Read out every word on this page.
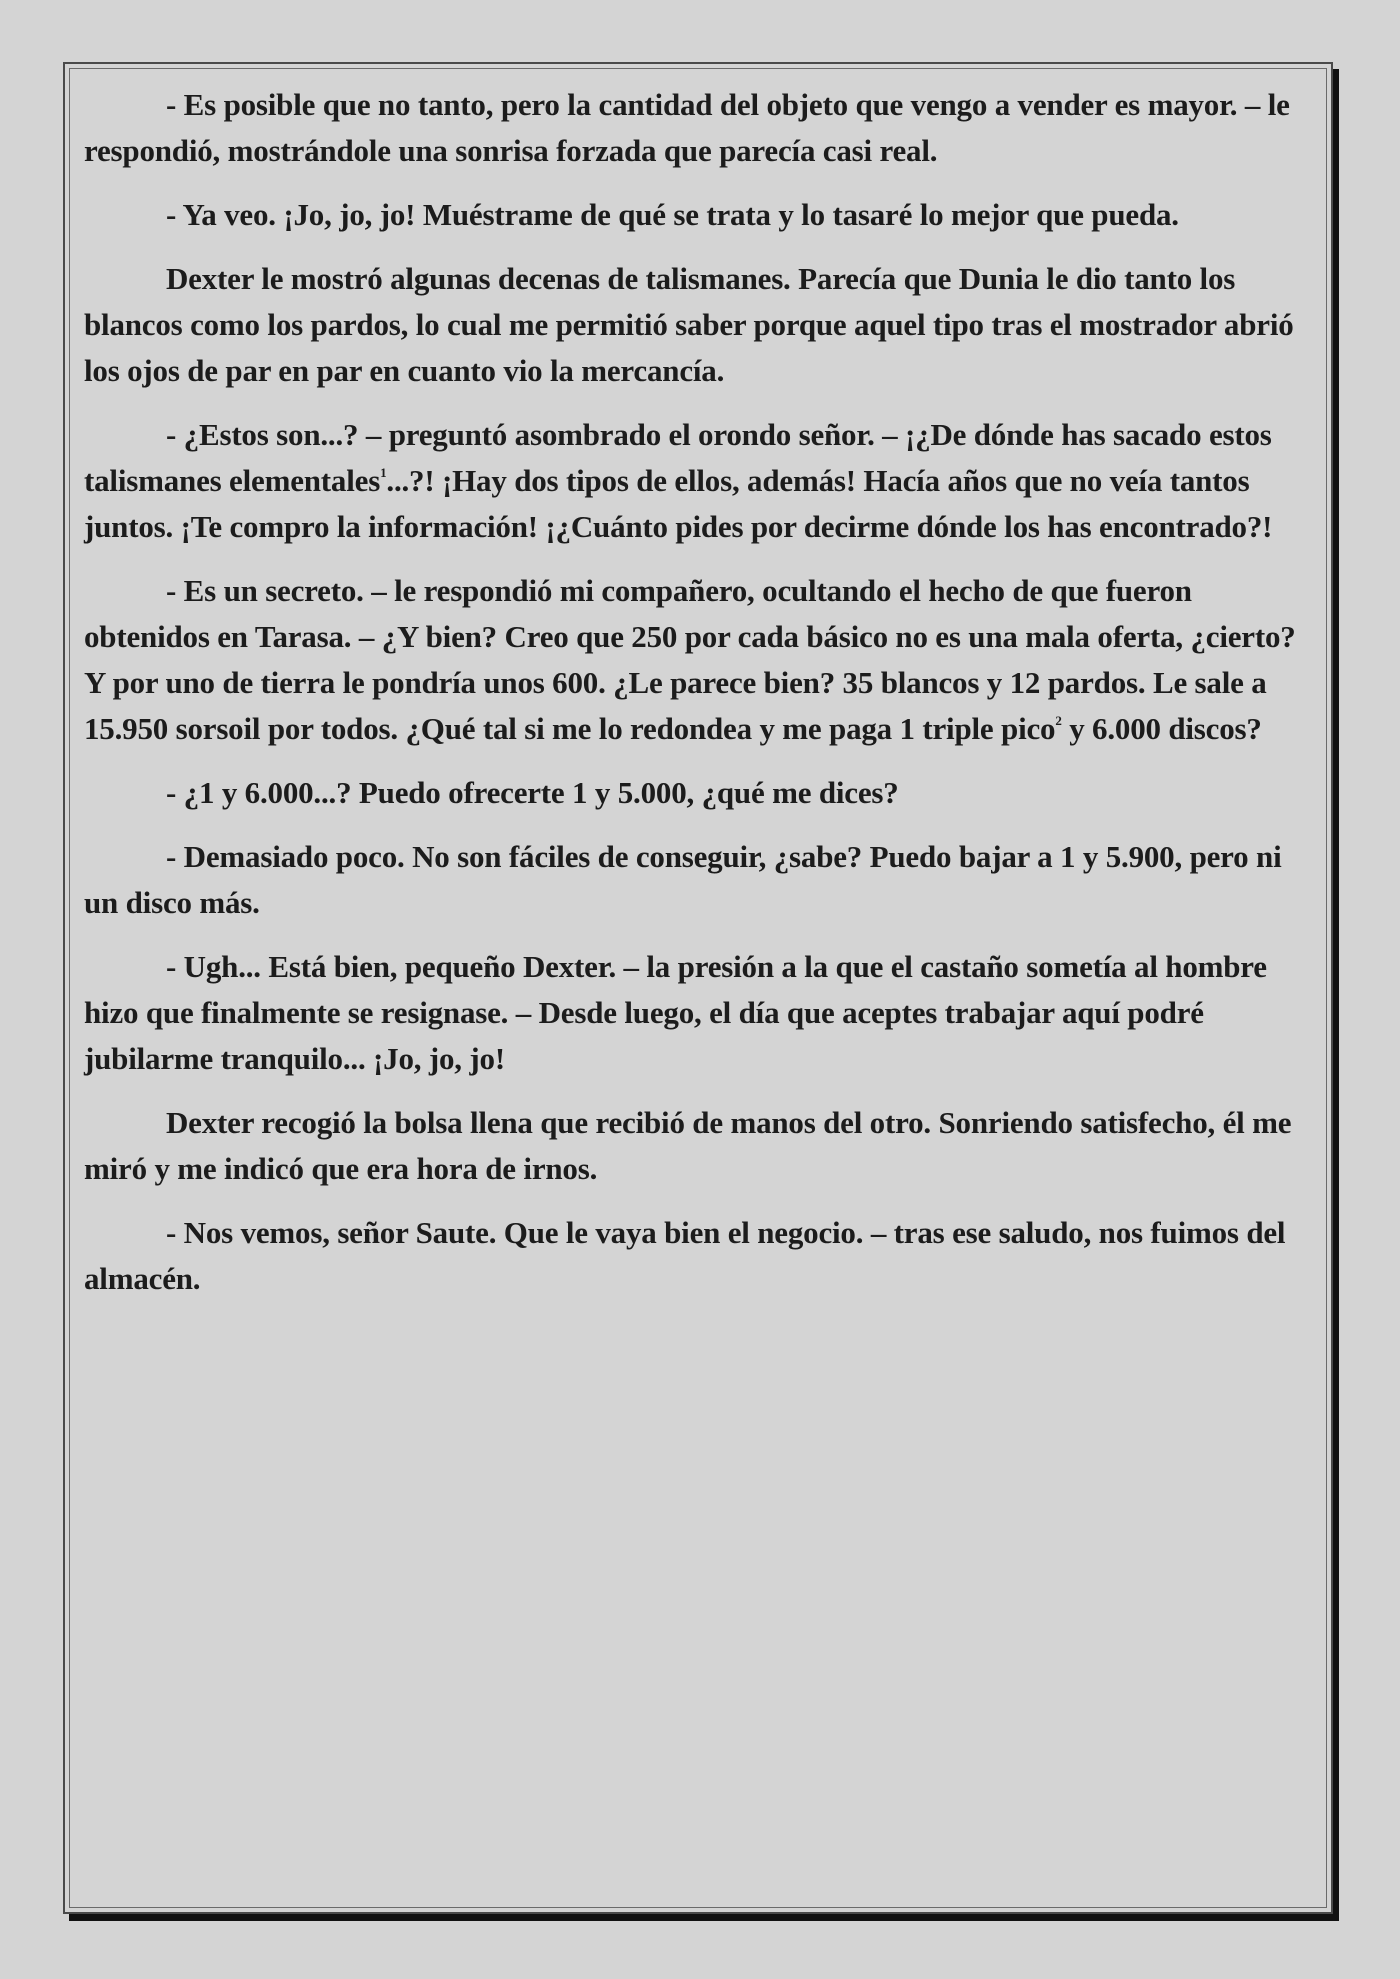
- Es posible que no tanto, pero la cantidad del objeto que vengo a vender es mayor. – le respondió, mostrándole una sonrisa forzada que parecía casi real.

- Ya veo. ¡Jo, jo, jo! Muéstrame de qué se trata y lo tasaré lo mejor que pueda.

Dexter le mostró algunas decenas de talismanes. Parecía que Dunia le dio tanto los blancos como los pardos, lo cual me permitió saber porque aquel tipo tras el mostrador abrió los ojos de par en par en cuanto vio la mercancía.

- ¿Estos son...? – preguntó asombrado el orondo señor. – ¡¿De dónde has sacado estos talismanes elementales$^1$...?! ¡Hay dos tipos de ellos, además! Hacía años que no veía tantos juntos. ¡Te compro la información! ¡¿Cuánto pides por decirme dónde los has encontrado?!

- Es un secreto. – le respondió mi compañero, ocultando el hecho de que fueron obtenidos en Tarasa. – ¿Y bien? Creo que 250 por cada básico no es una mala oferta, ¿cierto? Y por uno de tierra le pondría unos 600. ¿Le parece bien? 35 blancos y 12 pardos. Le sale a 15.950 sorsoil por todos. ¿Qué tal si me lo redondea y me paga 1 triple pico$^2$ y 6.000 discos?

- ¿1 y 6.000...? Puedo ofrecerte 1 y 5.000, ¿qué me dices?

- Demasiado poco. No son fáciles de conseguir, ¿sabe? Puedo bajar a 1 y 5.900, pero ni un disco más.

- Ugh... Está bien, pequeño Dexter. – la presión a la que el castaño sometía al hombre hizo que finalmente se resignase. – Desde luego, el día que aceptes trabajar aquí podré jubilarme tranquilo... ¡Jo, jo, jo!

Dexter recogió la bolsa llena que recibió de manos del otro. Sonriendo satisfecho, él me miró y me indicó que era hora de irnos.

- Nos vemos, señor Saute. Que le vaya bien el negocio. – tras ese saludo, nos fuimos del almacén.
